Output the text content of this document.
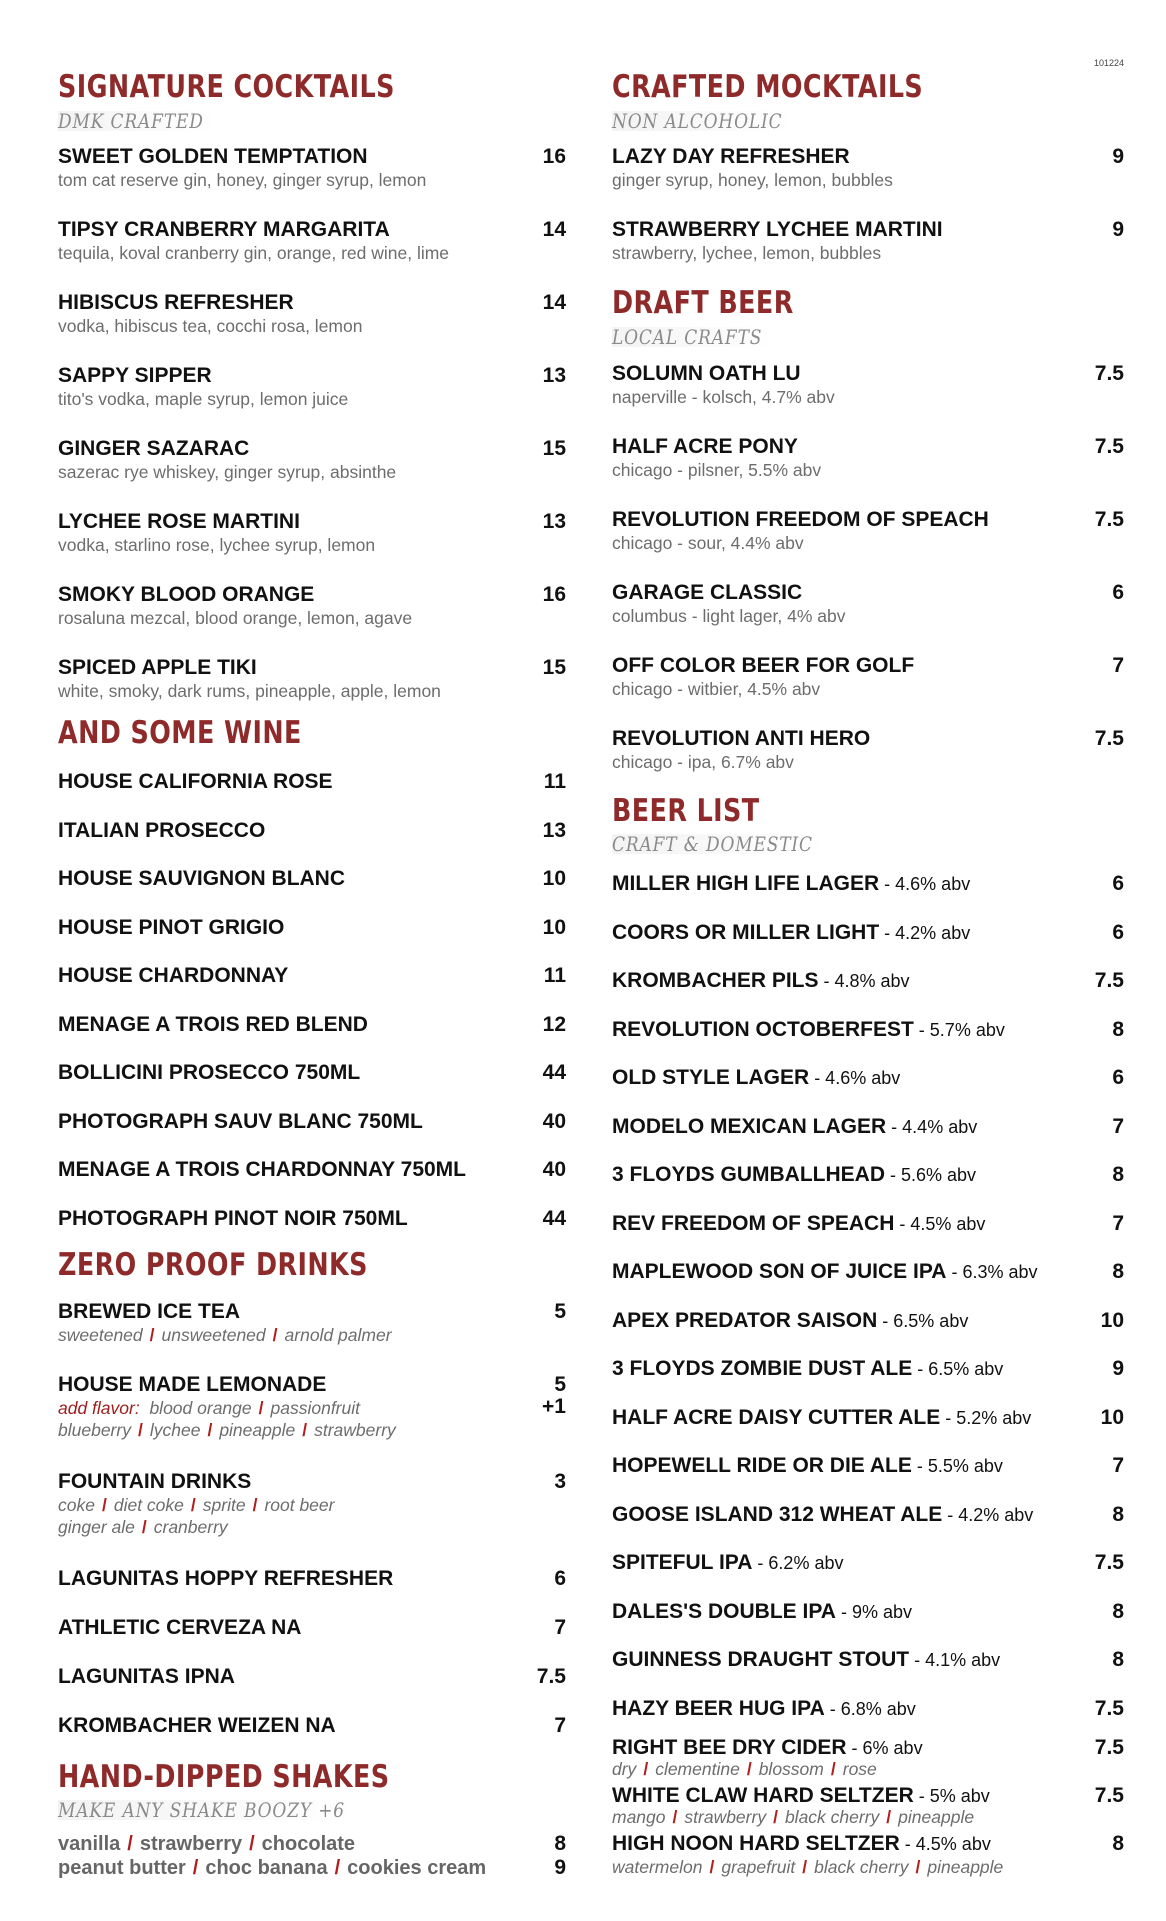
101224
SIGNATURE COCKTAILS
DMK CRAFTED
SWEET GOLDEN TEMPTATION	16
tom cat reserve gin, honey, ginger syrup, lemon
TIPSY CRANBERRY MARGARITA	14
tequila, koval cranberry gin, orange, red wine, lime
HIBISCUS REFRESHER	14
vodka, hibiscus tea, cocchi rosa, lemon
SAPPY SIPPER	13
tito's vodka, maple syrup, lemon juice
GINGER SAZARAC	15
sazerac rye whiskey, ginger syrup, absinthe
LYCHEE ROSE MARTINI	13
vodka, starlino rose, lychee syrup, lemon
SMOKY BLOOD ORANGE	16
rosaluna mezcal, blood orange, lemon, agave
SPICED APPLE TIKI	15
white, smoky, dark rums, pineapple, apple, lemon
AND SOME WINE
HOUSE CALIFORNIA ROSE	11
ITALIAN PROSECCO	13
HOUSE SAUVIGNON BLANC	10
HOUSE PINOT GRIGIO	10
HOUSE CHARDONNAY	11
MENAGE A TROIS RED BLEND	12
BOLLICINI PROSECCO 750ML	44
PHOTOGRAPH SAUV BLANC 750ML	40
MENAGE A TROIS CHARDONNAY 750ML	40
PHOTOGRAPH PINOT NOIR 750ML	44
ZERO PROOF DRINKS
BREWED ICE TEA	5
sweetened / unsweetened / arnold palmer
HOUSE MADE LEMONADE	5
+1
add flavor: blood orange / passionfruit
blueberry / lychee / pineapple / strawberry
FOUNTAIN DRINKS	3
coke / diet coke / sprite / root beer
ginger ale / cranberry
LAGUNITAS HOPPY REFRESHER	6
ATHLETIC CERVEZA NA	7
LAGUNITAS IPNA	7.5
KROMBACHER WEIZEN NA	7
HAND-DIPPED SHAKES
MAKE ANY SHAKE BOOZY +6
vanilla / strawberry / chocolate	8
peanut butter / choc banana / cookies cream	9
CRAFTED MOCKTAILS
NON ALCOHOLIC
LAZY DAY REFRESHER	9
ginger syrup, honey, lemon, bubbles
STRAWBERRY LYCHEE MARTINI	9
strawberry, lychee, lemon, bubbles
DRAFT BEER
LOCAL CRAFTS
SOLUMN OATH LU	7.5
naperville - kolsch, 4.7% abv
HALF ACRE PONY	7.5
chicago - pilsner, 5.5% abv
REVOLUTION FREEDOM OF SPEACH	7.5
chicago - sour, 4.4% abv
GARAGE CLASSIC	6
columbus - light lager, 4% abv
OFF COLOR BEER FOR GOLF	7
chicago - witbier, 4.5% abv
REVOLUTION ANTI HERO	7.5
chicago - ipa, 6.7% abv
BEER LIST
CRAFT & DOMESTIC
MILLER HIGH LIFE LAGER - 4.6% abv	6
COORS OR MILLER LIGHT - 4.2% abv	6
KROMBACHER PILS - 4.8% abv	7.5
REVOLUTION OCTOBERFEST - 5.7% abv	8
OLD STYLE LAGER - 4.6% abv	6
MODELO MEXICAN LAGER - 4.4% abv	7
3 FLOYDS GUMBALLHEAD - 5.6% abv	8
REV FREEDOM OF SPEACH - 4.5% abv	7
MAPLEWOOD SON OF JUICE IPA - 6.3% abv	8
APEX PREDATOR SAISON - 6.5% abv	10
3 FLOYDS ZOMBIE DUST ALE - 6.5% abv	9
HALF ACRE DAISY CUTTER ALE - 5.2% abv	10
HOPEWELL RIDE OR DIE ALE - 5.5% abv	7
GOOSE ISLAND 312 WHEAT ALE - 4.2% abv	8
SPITEFUL IPA - 6.2% abv	7.5
DALES'S DOUBLE IPA - 9% abv	8
GUINNESS DRAUGHT STOUT - 4.1% abv	8
HAZY BEER HUG IPA - 6.8% abv	7.5
RIGHT BEE DRY CIDER - 6% abv	7.5
dry / clementine / blossom / rose
WHITE CLAW HARD SELTZER - 5% abv	7.5
mango / strawberry / black cherry / pineapple
HIGH NOON HARD SELTZER - 4.5% abv	8
watermelon / grapefruit / black cherry / pineapple
